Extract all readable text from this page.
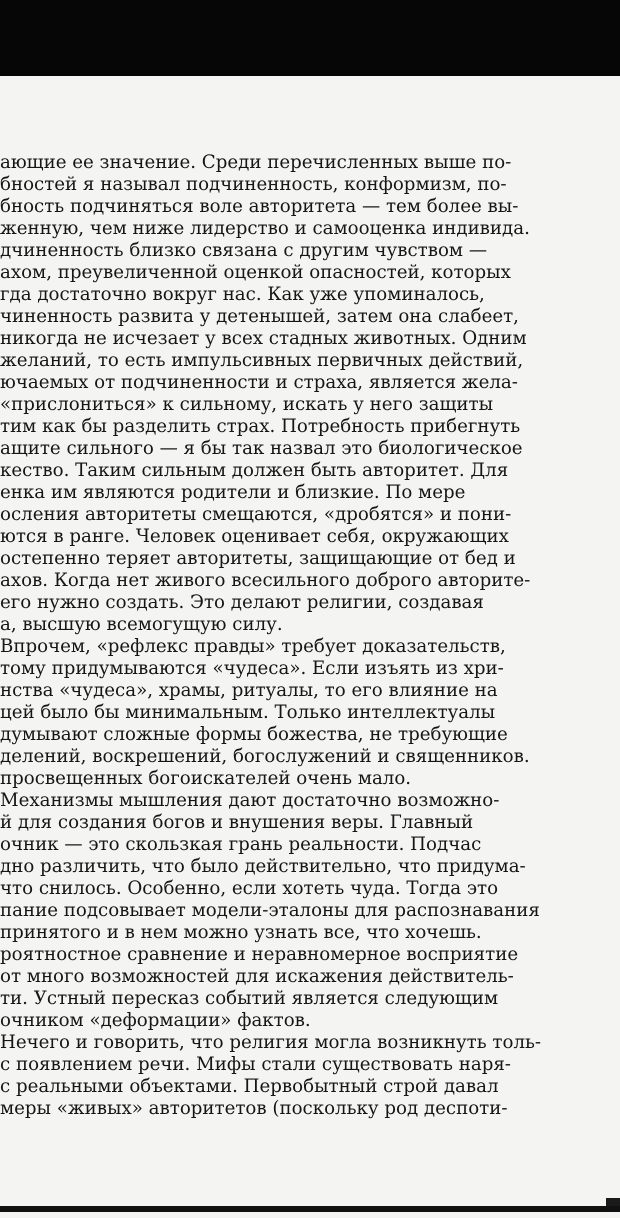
ающие ее значение. Среди перечисленных выше по-
бностей я называл подчиненность, конформизм, по-
бность подчиняться воле авторитета — тем более вы-
женную, чем ниже лидерство и самооценка индивида.
дчиненность близко связана с другим чувством —
ахом, преувеличенной оценкой опасностей, которых
гда достаточно вокруг нас. Как уже упоминалось,
чиненность развита у детенышей, затем она слабеет,
никогда не исчезает у всех стадных животных. Одним
желаний, то есть импульсивных первичных действий,
ючаемых от подчиненности и страха, является жела-
«прислониться» к сильному, искать у него защиты
тим как бы разделить страх. Потребность прибегнуть
ащите сильного — я бы так назвал это биологическое
кество. Таким сильным должен быть авторитет. Для
енка им являются родители и близкие. По мере
осления авторитеты смещаются, «дробятся» и пони-
ются в ранге. Человек оценивает себя, окружающих
остепенно теряет авторитеты, защищающие от бед и
ахов. Когда нет живого всесильного доброго авторите-
его нужно создать. Это делают религии, создавая
а, высшую всемогущую силу.
Впрочем, «рефлекс правды» требует доказательств,
тому придумываются «чудеса». Если изъять из хри-
нства «чудеса», храмы, ритуалы, то его влияние на
цей было бы минимальным. Только интеллектуалы
думывают сложные формы божества, не требующие
делений, воскрешений, богослужений и священников.
просвещенных богоискателей очень мало.
Механизмы мышления дают достаточно возможно-
й для создания богов и внушения веры. Главный
очник — это скользкая грань реальности. Подчас
дно различить, что было действительно, что придума-
что снилось. Особенно, если хотеть чуда. Тогда это
пание подсовывает модели-эталоны для распознавания
принятого и в нем можно узнать все, что хочешь.
роятностное сравнение и неравномерное восприятие
от много возможностей для искажения действитель-
ти. Устный пересказ событий является следующим
очником «деформации» фактов.
Нечего и говорить, что религия могла возникнуть толь-
с появлением речи. Мифы стали существовать наря-
с реальными объектами. Первобытный строй давал
меры «живых» авторитетов (поскольку род деспоти-
